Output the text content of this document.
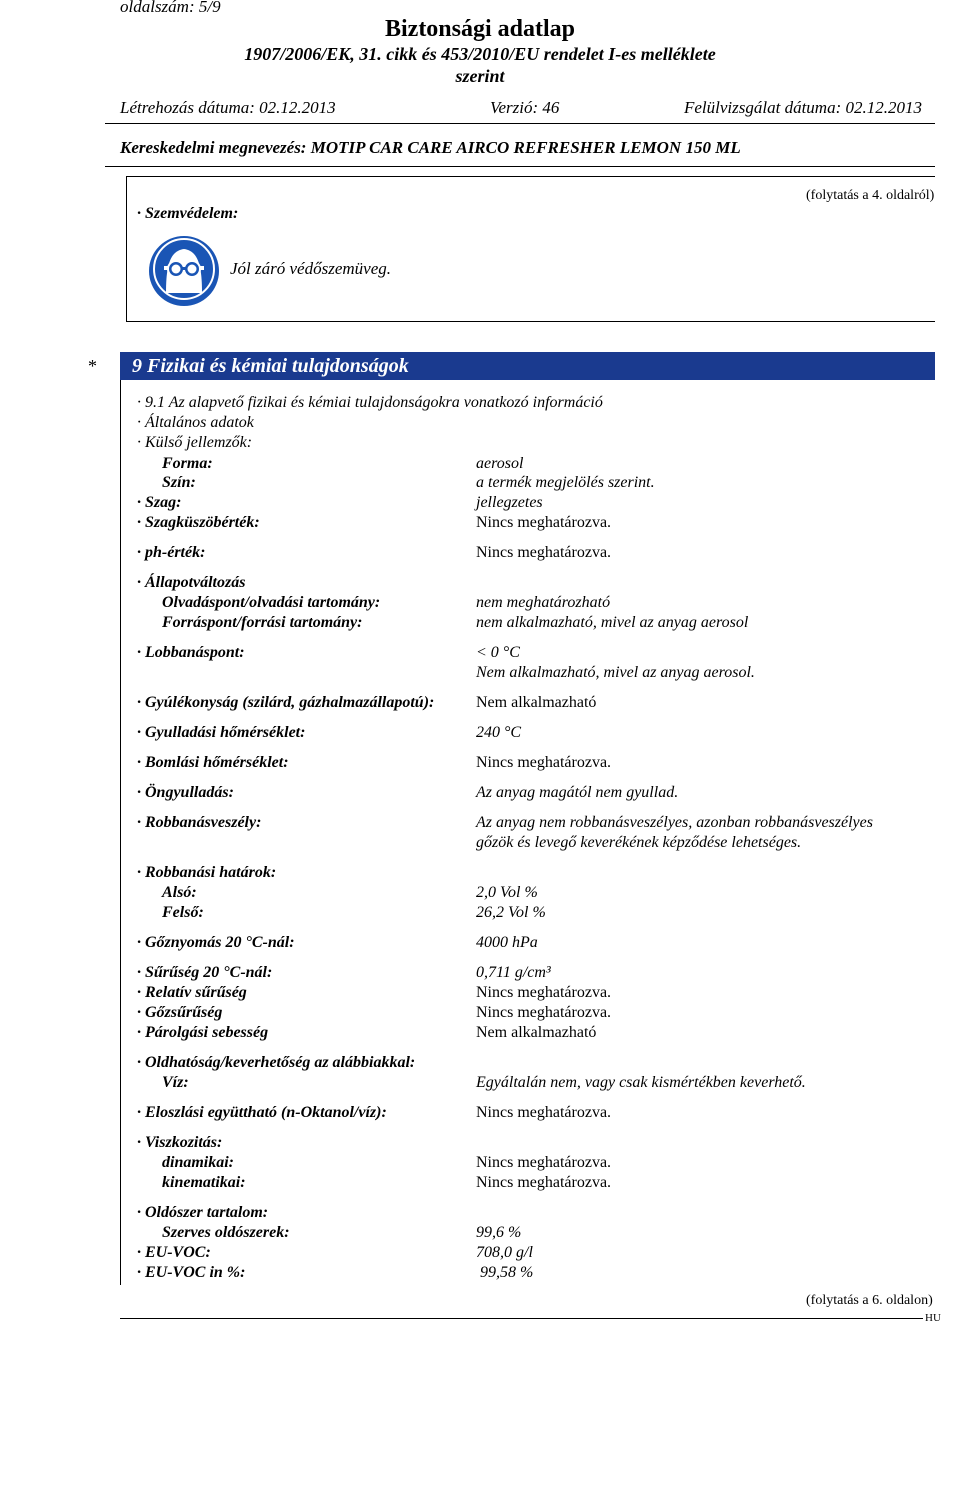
oldalszám: 5/9
Biztonsági adatlap
1907/2006/EK, 31. cikk és 453/2010/EU rendelet I-es melléklete
szerint
Létrehozás dátuma: 02.12.2013	Verzió: 46	Felülvizsgálat dátuma: 02.12.2013
Kereskedelmi megnevezés: MOTIP CAR CARE AIRCO REFRESHER LEMON 150 ML
(folytatás a 4. oldalról)
· Szemvédelem:
Jól záró védőszemüveg.
* 9 Fizikai és kémiai tulajdonságok
· 9.1 Az alapvető fizikai és kémiai tulajdonságokra vonatkozó információ
· Általános adatok
· Külső jellemzők:
Forma:	aerosol
Szín:	a termék megjelölés szerint.
· Szag:	jellegzetes
· Szagküszöbérték:	Nincs meghatározva.
· ph-érték:	Nincs meghatározva.
· Állapotváltozás
Olvadáspont/olvadási tartomány:	nem meghatározható
Forráspont/forrási tartomány:	nem alkalmazható, mivel az anyag aerosol
· Lobbanáspont:	< 0 °C
Nem alkalmazható, mivel az anyag aerosol.
· Gyúlékonyság (szilárd, gázhalmazállapotú):	Nem alkalmazható
· Gyulladási hőmérséklet:	240 °C
· Bomlási hőmérséklet:	Nincs meghatározva.
· Öngyulladás:	Az anyag magától nem gyullad.
· Robbanásveszély:	Az anyag nem robbanásveszélyes, azonban robbanásveszélyes
gőzök és levegő keverékének képződése lehetséges.
· Robbanási határok:
Alsó:	2,0 Vol %
Felső:	26,2 Vol %
· Gőznyomás 20 °C-nál:	4000 hPa
· Sűrűség 20 °C-nál:	0,711 g/cm³
· Relatív sűrűség	Nincs meghatározva.
· Gőzsűrűség	Nincs meghatározva.
· Párolgási sebesség	Nem alkalmazható
· Oldhatóság/keverhetőség az alábbiakkal:
Víz:	Egyáltalán nem, vagy csak kismértékben keverhető.
· Eloszlási együttható (n-Oktanol/víz):	Nincs meghatározva.
· Viszkozitás:
dinamikai:	Nincs meghatározva.
kinematikai:	Nincs meghatározva.
· Oldószer tartalom:
Szerves oldószerek:	99,6 %
· EU-VOC:	708,0 g/l
· EU-VOC in %:	99,58 %
(folytatás a 6. oldalon)
HU
